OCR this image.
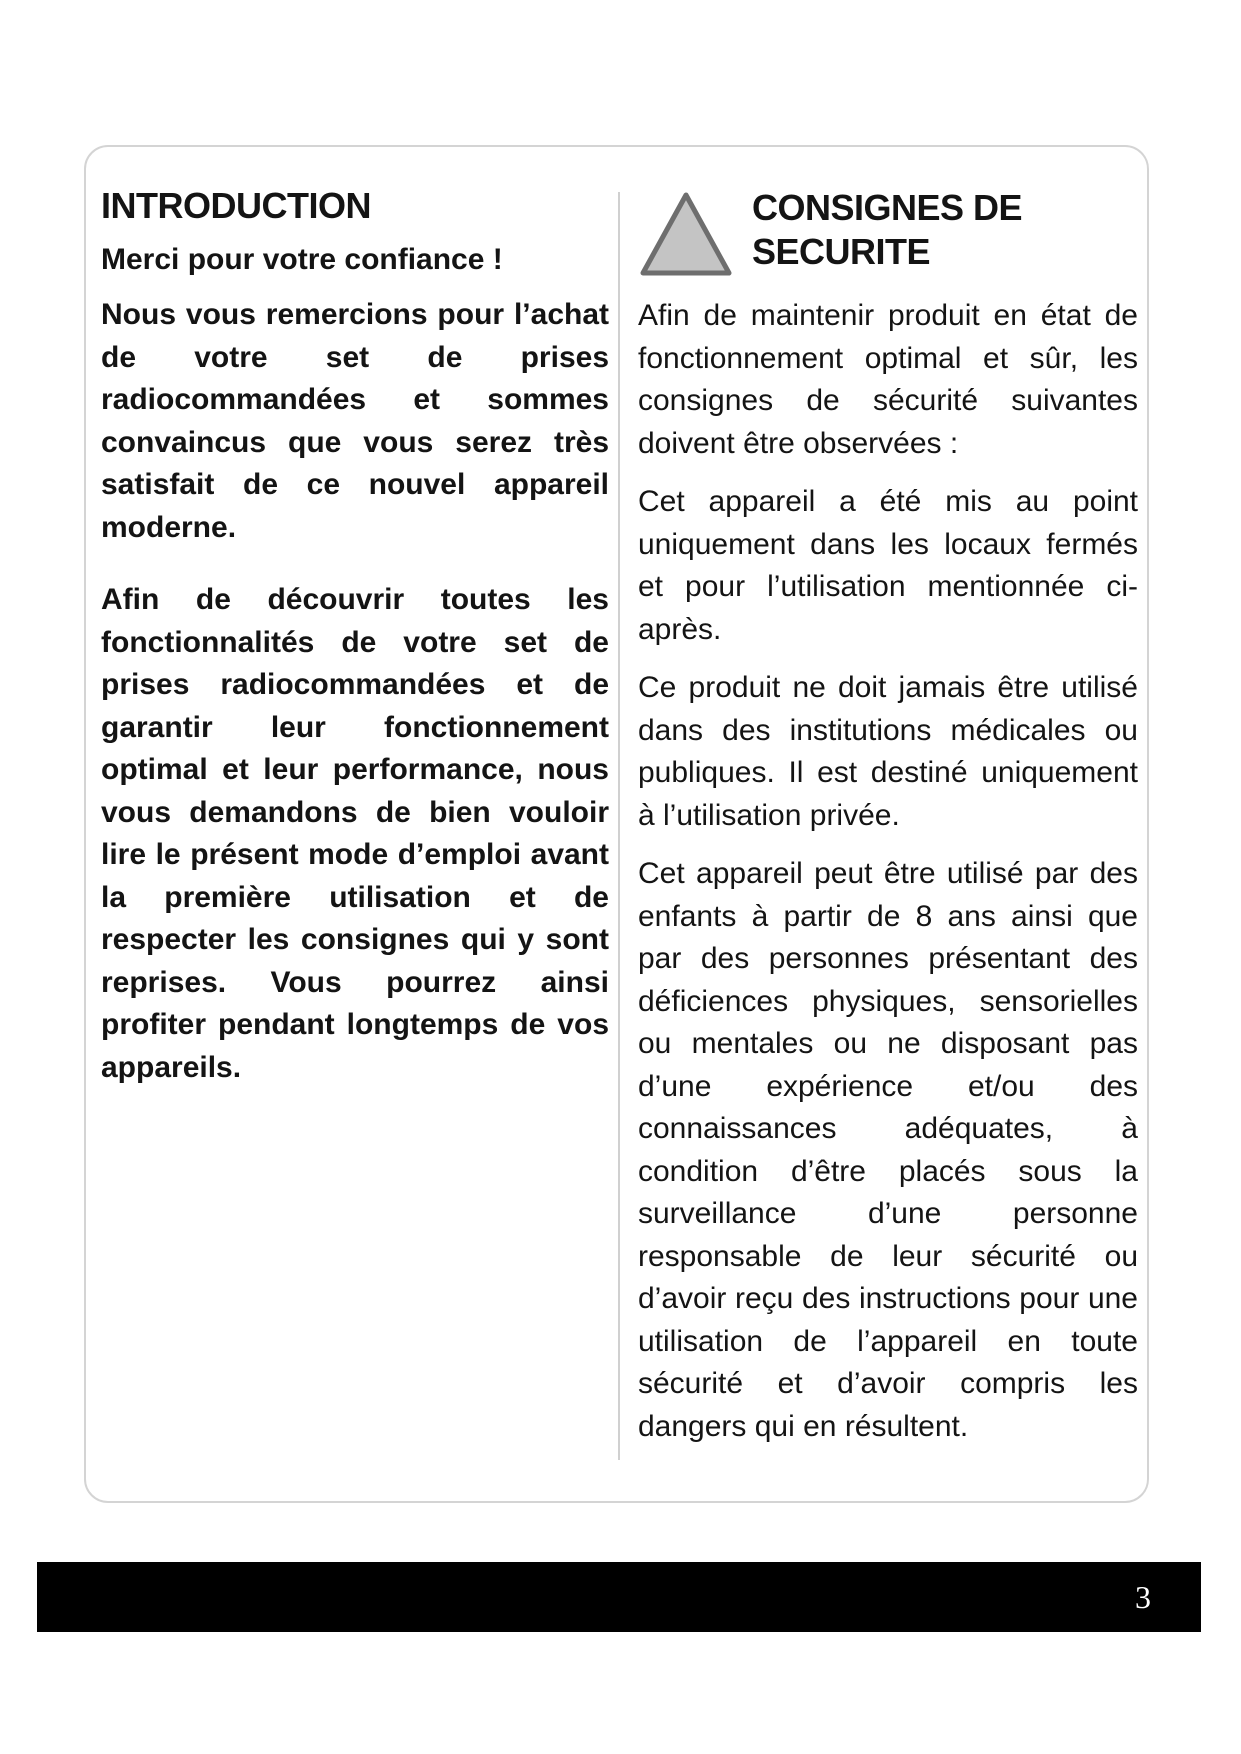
INTRODUCTION

Merci pour votre confiance !

Nous vous remercions pour l’achat de votre set de prises radiocommandées et sommes convaincus que vous serez très satisfait de ce nouvel appareil moderne.

Afin de découvrir toutes les fonctionnalités de votre set de prises radiocommandées et de garantir leur fonctionnement optimal et leur performance, nous vous demandons de bien vouloir lire le présent mode d’emploi avant la première utilisation et de respecter les consignes qui y sont reprises. Vous pourrez ainsi profiter pendant longtemps de vos appareils.

CONSIGNES DE
SECURITE

Afin de maintenir produit en état de fonctionnement optimal et sûr, les consignes de sécurité suivantes doivent être observées :

Cet appareil a été mis au point uniquement dans les locaux fermés et pour l’utilisation mentionnée ci-après.

Ce produit ne doit jamais être utilisé dans des institutions médicales ou publiques. Il est destiné uniquement à l’utilisation privée.

Cet appareil peut être utilisé par des enfants à partir de 8 ans ainsi que par des personnes présentant des déficiences physiques, sensorielles ou mentales ou ne disposant pas d’une expérience et/ou des connaissances adéquates, à condition d’être placés sous la surveillance d’une personne responsable de leur sécurité ou d’avoir reçu des instructions pour une utilisation de l’appareil en toute sécurité et d’avoir compris les dangers qui en résultent.

3
